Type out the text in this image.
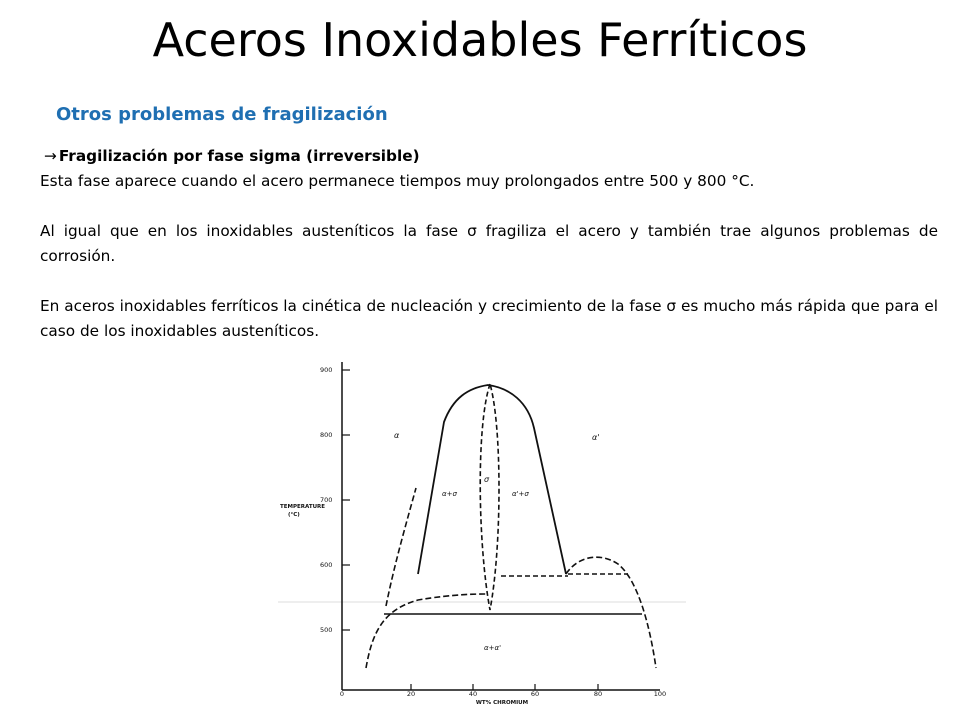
Aceros Inoxidables Ferríticos
Otros problemas de fragilización
→ Fragilización por fase sigma (irreversible)
Esta fase aparece cuando el acero permanece tiempos muy prolongados entre 500 y 800 °C.
Al igual que en los inoxidables austeníticos la fase σ fragiliza el acero y también trae algunos problemas de corrosión.
En aceros inoxidables ferríticos la cinética de nucleación y crecimiento de la fase σ es mucho más rápida que para el caso de los inoxidables austeníticos.
900
800
700
600
500
0	20	40	60	80	100
TEMPERATURE
(°C)
WT% CHROMIUM
α	α'
σ
α+σ	α'+σ
α+α'
